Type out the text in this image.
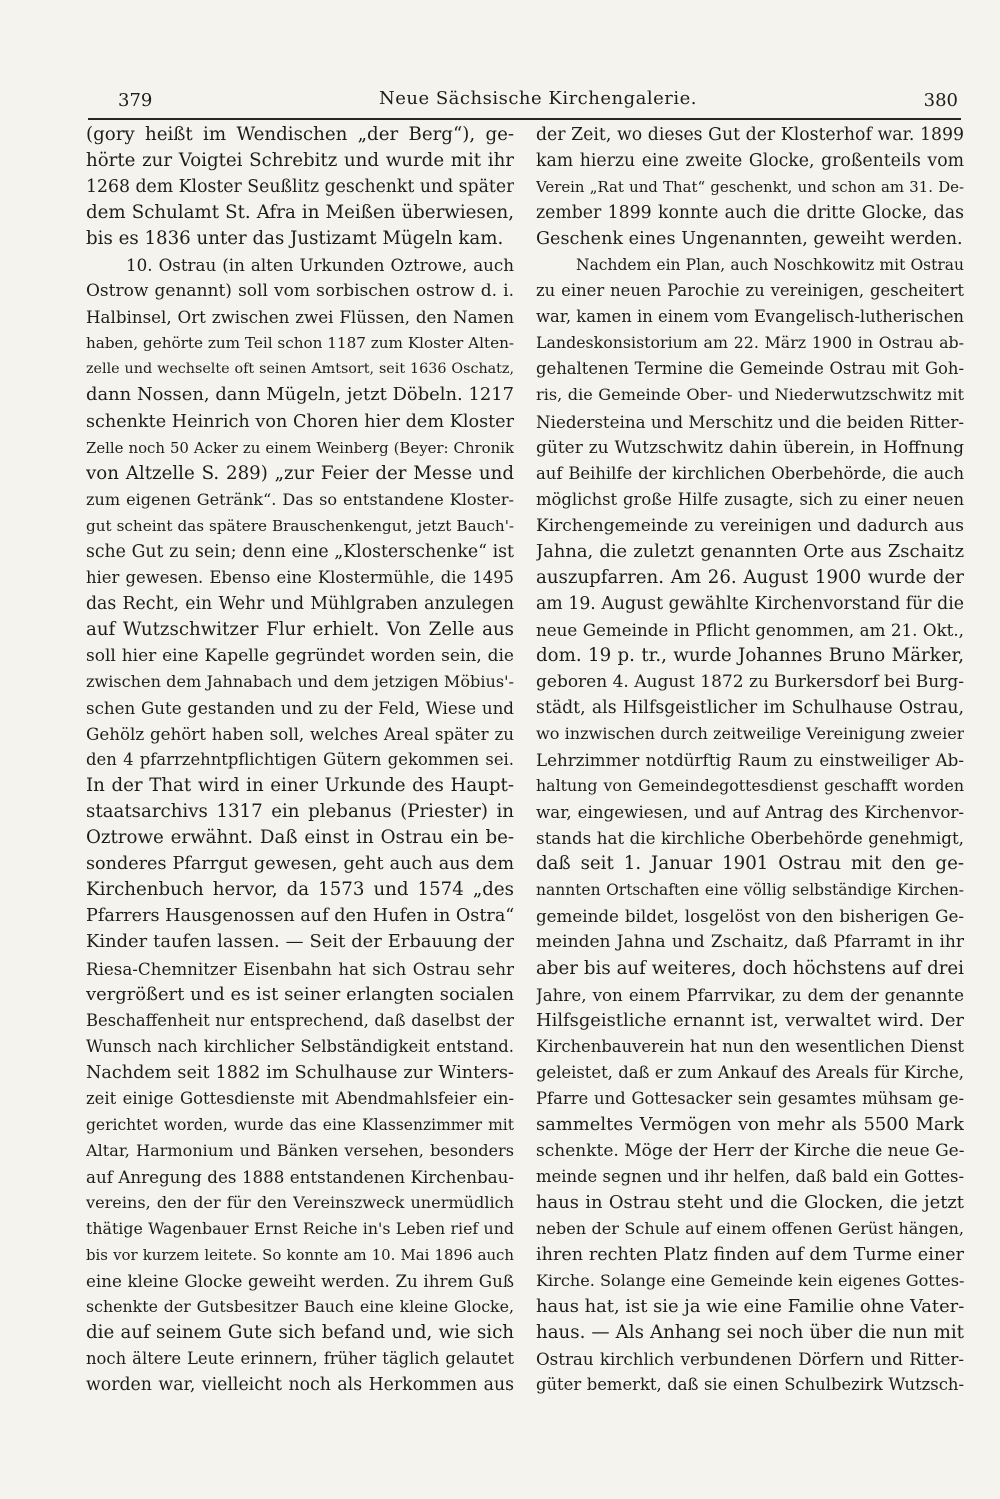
379	Neue Sächsische Kirchengalerie.	380
(gory heißt im Wendischen „der Berg“), ge-
hörte zur Voigtei Schrebitz und wurde mit ihr
1268 dem Kloster Seußlitz geschenkt und später
dem Schulamt St. Afra in Meißen überwiesen,
bis es 1836 unter das Justizamt Mügeln kam.
10. Ostrau (in alten Urkunden Oztrowe, auch
Ostrow genannt) soll vom sorbischen ostrow d. i.
Halbinsel, Ort zwischen zwei Flüssen, den Namen
haben, gehörte zum Teil schon 1187 zum Kloster Alten-
zelle und wechselte oft seinen Amtsort, seit 1636 Oschatz,
dann Nossen, dann Mügeln, jetzt Döbeln. 1217
schenkte Heinrich von Choren hier dem Kloster
Zelle noch 50 Acker zu einem Weinberg (Beyer: Chronik
von Altzelle S. 289) „zur Feier der Messe und
zum eigenen Getränk“. Das so entstandene Kloster-
gut scheint das spätere Brauschenkengut, jetzt Bauch'-
sche Gut zu sein; denn eine „Klosterschenke“ ist
hier gewesen. Ebenso eine Klostermühle, die 1495
das Recht, ein Wehr und Mühlgraben anzulegen
auf Wutzschwitzer Flur erhielt. Von Zelle aus
soll hier eine Kapelle gegründet worden sein, die
zwischen dem Jahnabach und dem jetzigen Möbius'-
schen Gute gestanden und zu der Feld, Wiese und
Gehölz gehört haben soll, welches Areal später zu
den 4 pfarrzehntpflichtigen Gütern gekommen sei.
In der That wird in einer Urkunde des Haupt-
staatsarchivs 1317 ein plebanus (Priester) in
Oztrowe erwähnt. Daß einst in Ostrau ein be-
sonderes Pfarrgut gewesen, geht auch aus dem
Kirchenbuch hervor, da 1573 und 1574 „des
Pfarrers Hausgenossen auf den Hufen in Ostra“
Kinder taufen lassen. — Seit der Erbauung der
Riesa-Chemnitzer Eisenbahn hat sich Ostrau sehr
vergrößert und es ist seiner erlangten socialen
Beschaffenheit nur entsprechend, daß daselbst der
Wunsch nach kirchlicher Selbständigkeit entstand.
Nachdem seit 1882 im Schulhause zur Winters-
zeit einige Gottesdienste mit Abendmahlsfeier ein-
gerichtet worden, wurde das eine Klassenzimmer mit
Altar, Harmonium und Bänken versehen, besonders
auf Anregung des 1888 entstandenen Kirchenbau-
vereins, den der für den Vereinszweck unermüdlich
thätige Wagenbauer Ernst Reiche in's Leben rief und
bis vor kurzem leitete. So konnte am 10. Mai 1896 auch
eine kleine Glocke geweiht werden. Zu ihrem Guß
schenkte der Gutsbesitzer Bauch eine kleine Glocke,
die auf seinem Gute sich befand und, wie sich
noch ältere Leute erinnern, früher täglich gelautet
worden war, vielleicht noch als Herkommen aus
der Zeit, wo dieses Gut der Klosterhof war. 1899
kam hierzu eine zweite Glocke, großenteils vom
Verein „Rat und That“ geschenkt, und schon am 31. De-
zember 1899 konnte auch die dritte Glocke, das
Geschenk eines Ungenannten, geweiht werden.
Nachdem ein Plan, auch Noschkowitz mit Ostrau
zu einer neuen Parochie zu vereinigen, gescheitert
war, kamen in einem vom Evangelisch-lutherischen
Landeskonsistorium am 22. März 1900 in Ostrau ab-
gehaltenen Termine die Gemeinde Ostrau mit Goh-
ris, die Gemeinde Ober- und Niederwutzschwitz mit
Niedersteina und Merschitz und die beiden Ritter-
güter zu Wutzschwitz dahin überein, in Hoffnung
auf Beihilfe der kirchlichen Oberbehörde, die auch
möglichst große Hilfe zusagte, sich zu einer neuen
Kirchengemeinde zu vereinigen und dadurch aus
Jahna, die zuletzt genannten Orte aus Zschaitz
auszupfarren. Am 26. August 1900 wurde der
am 19. August gewählte Kirchenvorstand für die
neue Gemeinde in Pflicht genommen, am 21. Okt.,
dom. 19 p. tr., wurde Johannes Bruno Märker,
geboren 4. August 1872 zu Burkersdorf bei Burg-
städt, als Hilfsgeistlicher im Schulhause Ostrau,
wo inzwischen durch zeitweilige Vereinigung zweier
Lehrzimmer notdürftig Raum zu einstweiliger Ab-
haltung von Gemeindegottesdienst geschafft worden
war, eingewiesen, und auf Antrag des Kirchenvor-
stands hat die kirchliche Oberbehörde genehmigt,
daß seit 1. Januar 1901 Ostrau mit den ge-
nannten Ortschaften eine völlig selbständige Kirchen-
gemeinde bildet, losgelöst von den bisherigen Ge-
meinden Jahna und Zschaitz, daß Pfarramt in ihr
aber bis auf weiteres, doch höchstens auf drei
Jahre, von einem Pfarrvikar, zu dem der genannte
Hilfsgeistliche ernannt ist, verwaltet wird. Der
Kirchenbauverein hat nun den wesentlichen Dienst
geleistet, daß er zum Ankauf des Areals für Kirche,
Pfarre und Gottesacker sein gesamtes mühsam ge-
sammeltes Vermögen von mehr als 5500 Mark
schenkte. Möge der Herr der Kirche die neue Ge-
meinde segnen und ihr helfen, daß bald ein Gottes-
haus in Ostrau steht und die Glocken, die jetzt
neben der Schule auf einem offenen Gerüst hängen,
ihren rechten Platz finden auf dem Turme einer
Kirche. Solange eine Gemeinde kein eigenes Gottes-
haus hat, ist sie ja wie eine Familie ohne Vater-
haus. — Als Anhang sei noch über die nun mit
Ostrau kirchlich verbundenen Dörfern und Ritter-
güter bemerkt, daß sie einen Schulbezirk Wutzsch-
